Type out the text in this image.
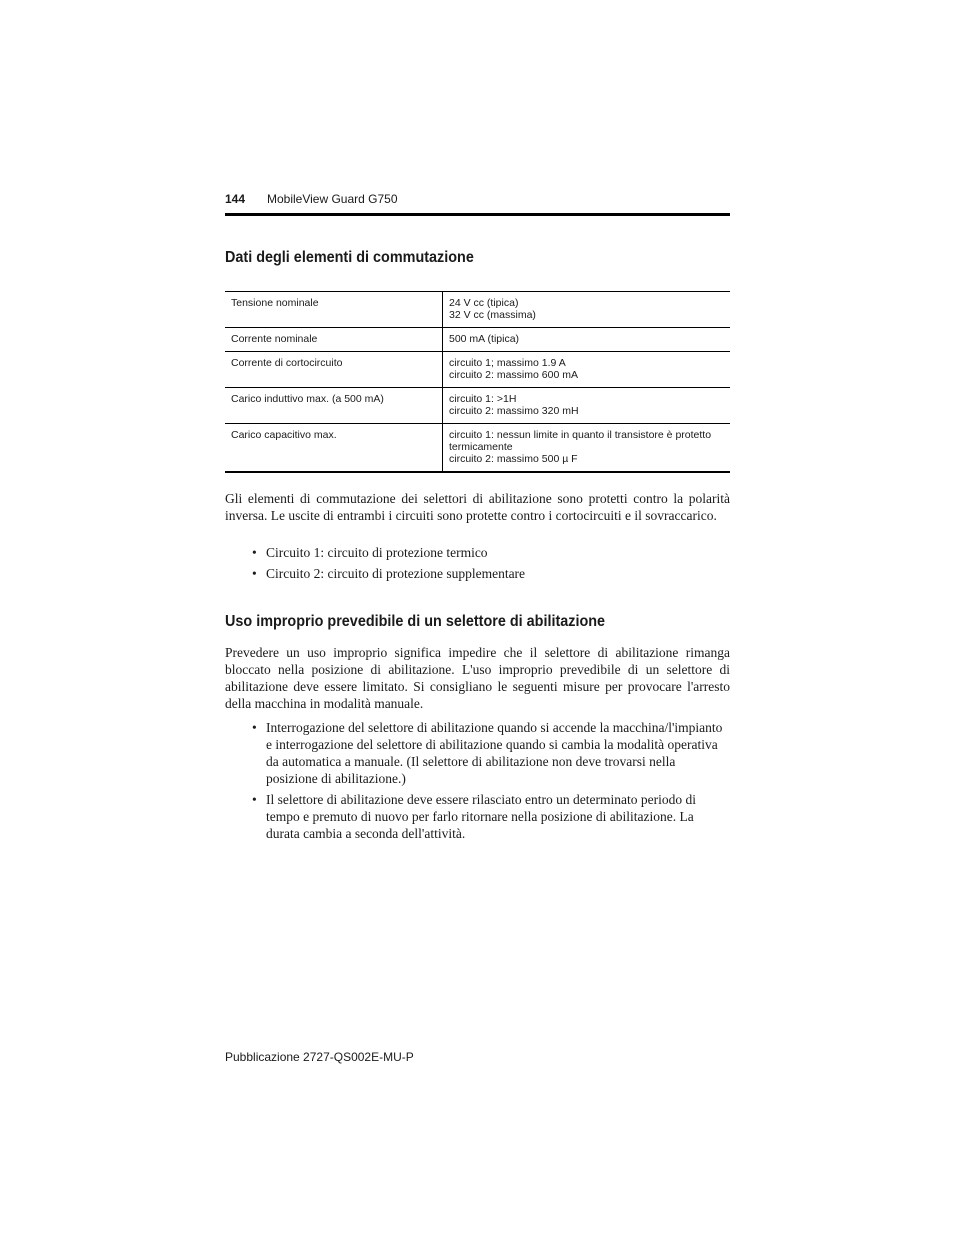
144 MobileView Guard G750
Dati degli elementi di commutazione
Tensione nominale	24 V cc (tipica)
32 V cc (massima)

Corrente nominale	500 mA (tipica)

Corrente di cortocircuito	circuito 1; massimo 1.9 A
circuito 2: massimo 600 mA

Carico induttivo max. (a 500 mA)	circuito 1: >1H
circuito 2: massimo 320 mH

Carico capacitivo max.	circuito 1: nessun limite in quanto il transistore è protetto
termicamente
circuito 2: massimo 500 µ F

Gli elementi di commutazione dei selettori di abilitazione sono protetti contro la polarità inversa. Le uscite di entrambi i circuiti sono protette contro i cortocircuiti e il sovraccarico.

• Circuito 1: circuito di protezione termico
• Circuito 2: circuito di protezione supplementare
Uso improprio prevedibile di un selettore di abilitazione

Prevedere un uso improprio significa impedire che il selettore di abilitazione rimanga bloccato nella posizione di abilitazione. L'uso improprio prevedibile di un selettore di abilitazione deve essere limitato. Si consigliano le seguenti misure per provocare l'arresto della macchina in modalità manuale.

• Interrogazione del selettore di abilitazione quando si accende la macchina/l'impianto e interrogazione del selettore di abilitazione quando si cambia la modalità operativa da automatica a manuale. (Il selettore di abilitazione non deve trovarsi nella posizione di abilitazione.)
• Il selettore di abilitazione deve essere rilasciato entro un determinato periodo di tempo e premuto di nuovo per farlo ritornare nella posizione di abilitazione. La durata cambia a seconda dell'attività.
Pubblicazione 2727-QS002E-MU-P
